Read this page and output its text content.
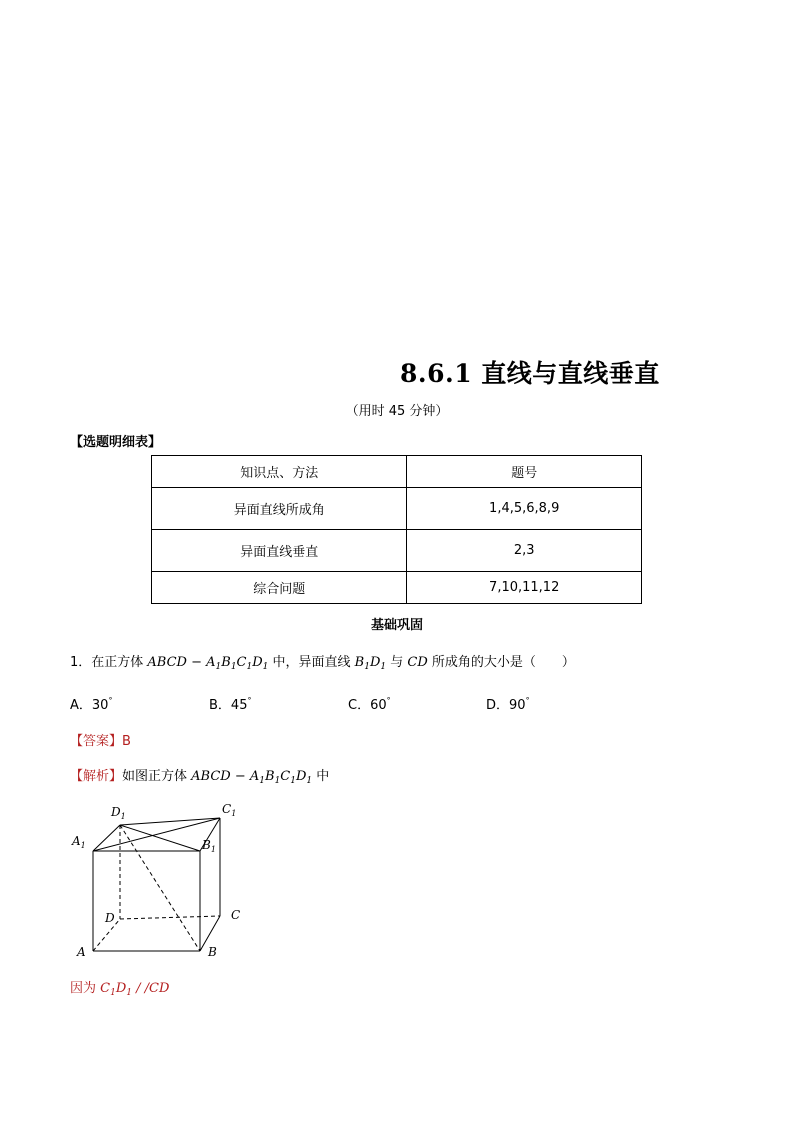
8.6.1 直线与直线垂直
（用时 45 分钟）
【选题明细表】
知识点、方法	题号
异面直线所成角	1,4,5,6,8,9
异面直线垂直	2,3
综合问题	7,10,11,12
基础巩固
1．在正方体 ABCD − $A_1B_1C_1D_1$ 中，异面直线 $B_1D_1$ 与 CD 所成角的大小是（　　）
A．30°	B．45°	C．60°	D．90°
【答案】B
【解析】如图正方体 ABCD − $A_1B_1C_1D_1$ 中
$D_1$
$C_1$
$A_1$	$B_1$
D	C
A	B
因为 $C_1D_1 / /CD$
